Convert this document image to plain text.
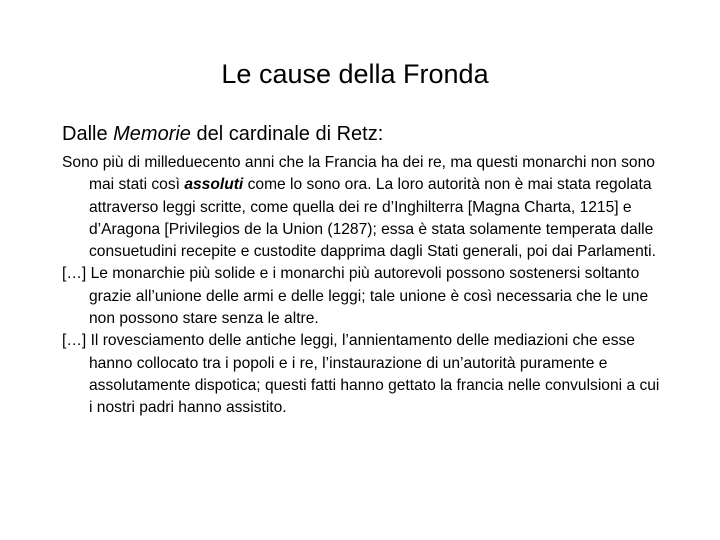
Le cause della Fronda

Dalle Memorie del cardinale di Retz:

Sono più di milleduecento anni che la Francia ha dei re, ma questi monarchi non sono mai stati così assoluti come lo sono ora. La loro autorità non è mai stata regolata attraverso leggi scritte, come quella dei re d’Inghilterra [Magna Charta, 1215] e d’Aragona [Privilegios de la Union (1287); essa è stata solamente temperata dalle consuetudini recepite e custodite dapprima dagli Stati generali, poi dai Parlamenti.

[…] Le monarchie più solide e i monarchi più autorevoli possono sostenersi soltanto grazie all’unione delle armi e delle leggi; tale unione è così necessaria che le une non possono stare senza le altre.

[…] Il rovesciamento delle antiche leggi, l’annientamento delle mediazioni che esse hanno collocato tra i popoli e i re, l’instaurazione di un’autorità puramente e assolutamente dispotica; questi fatti hanno gettato la francia nelle convulsioni a cui i nostri padri hanno assistito.
